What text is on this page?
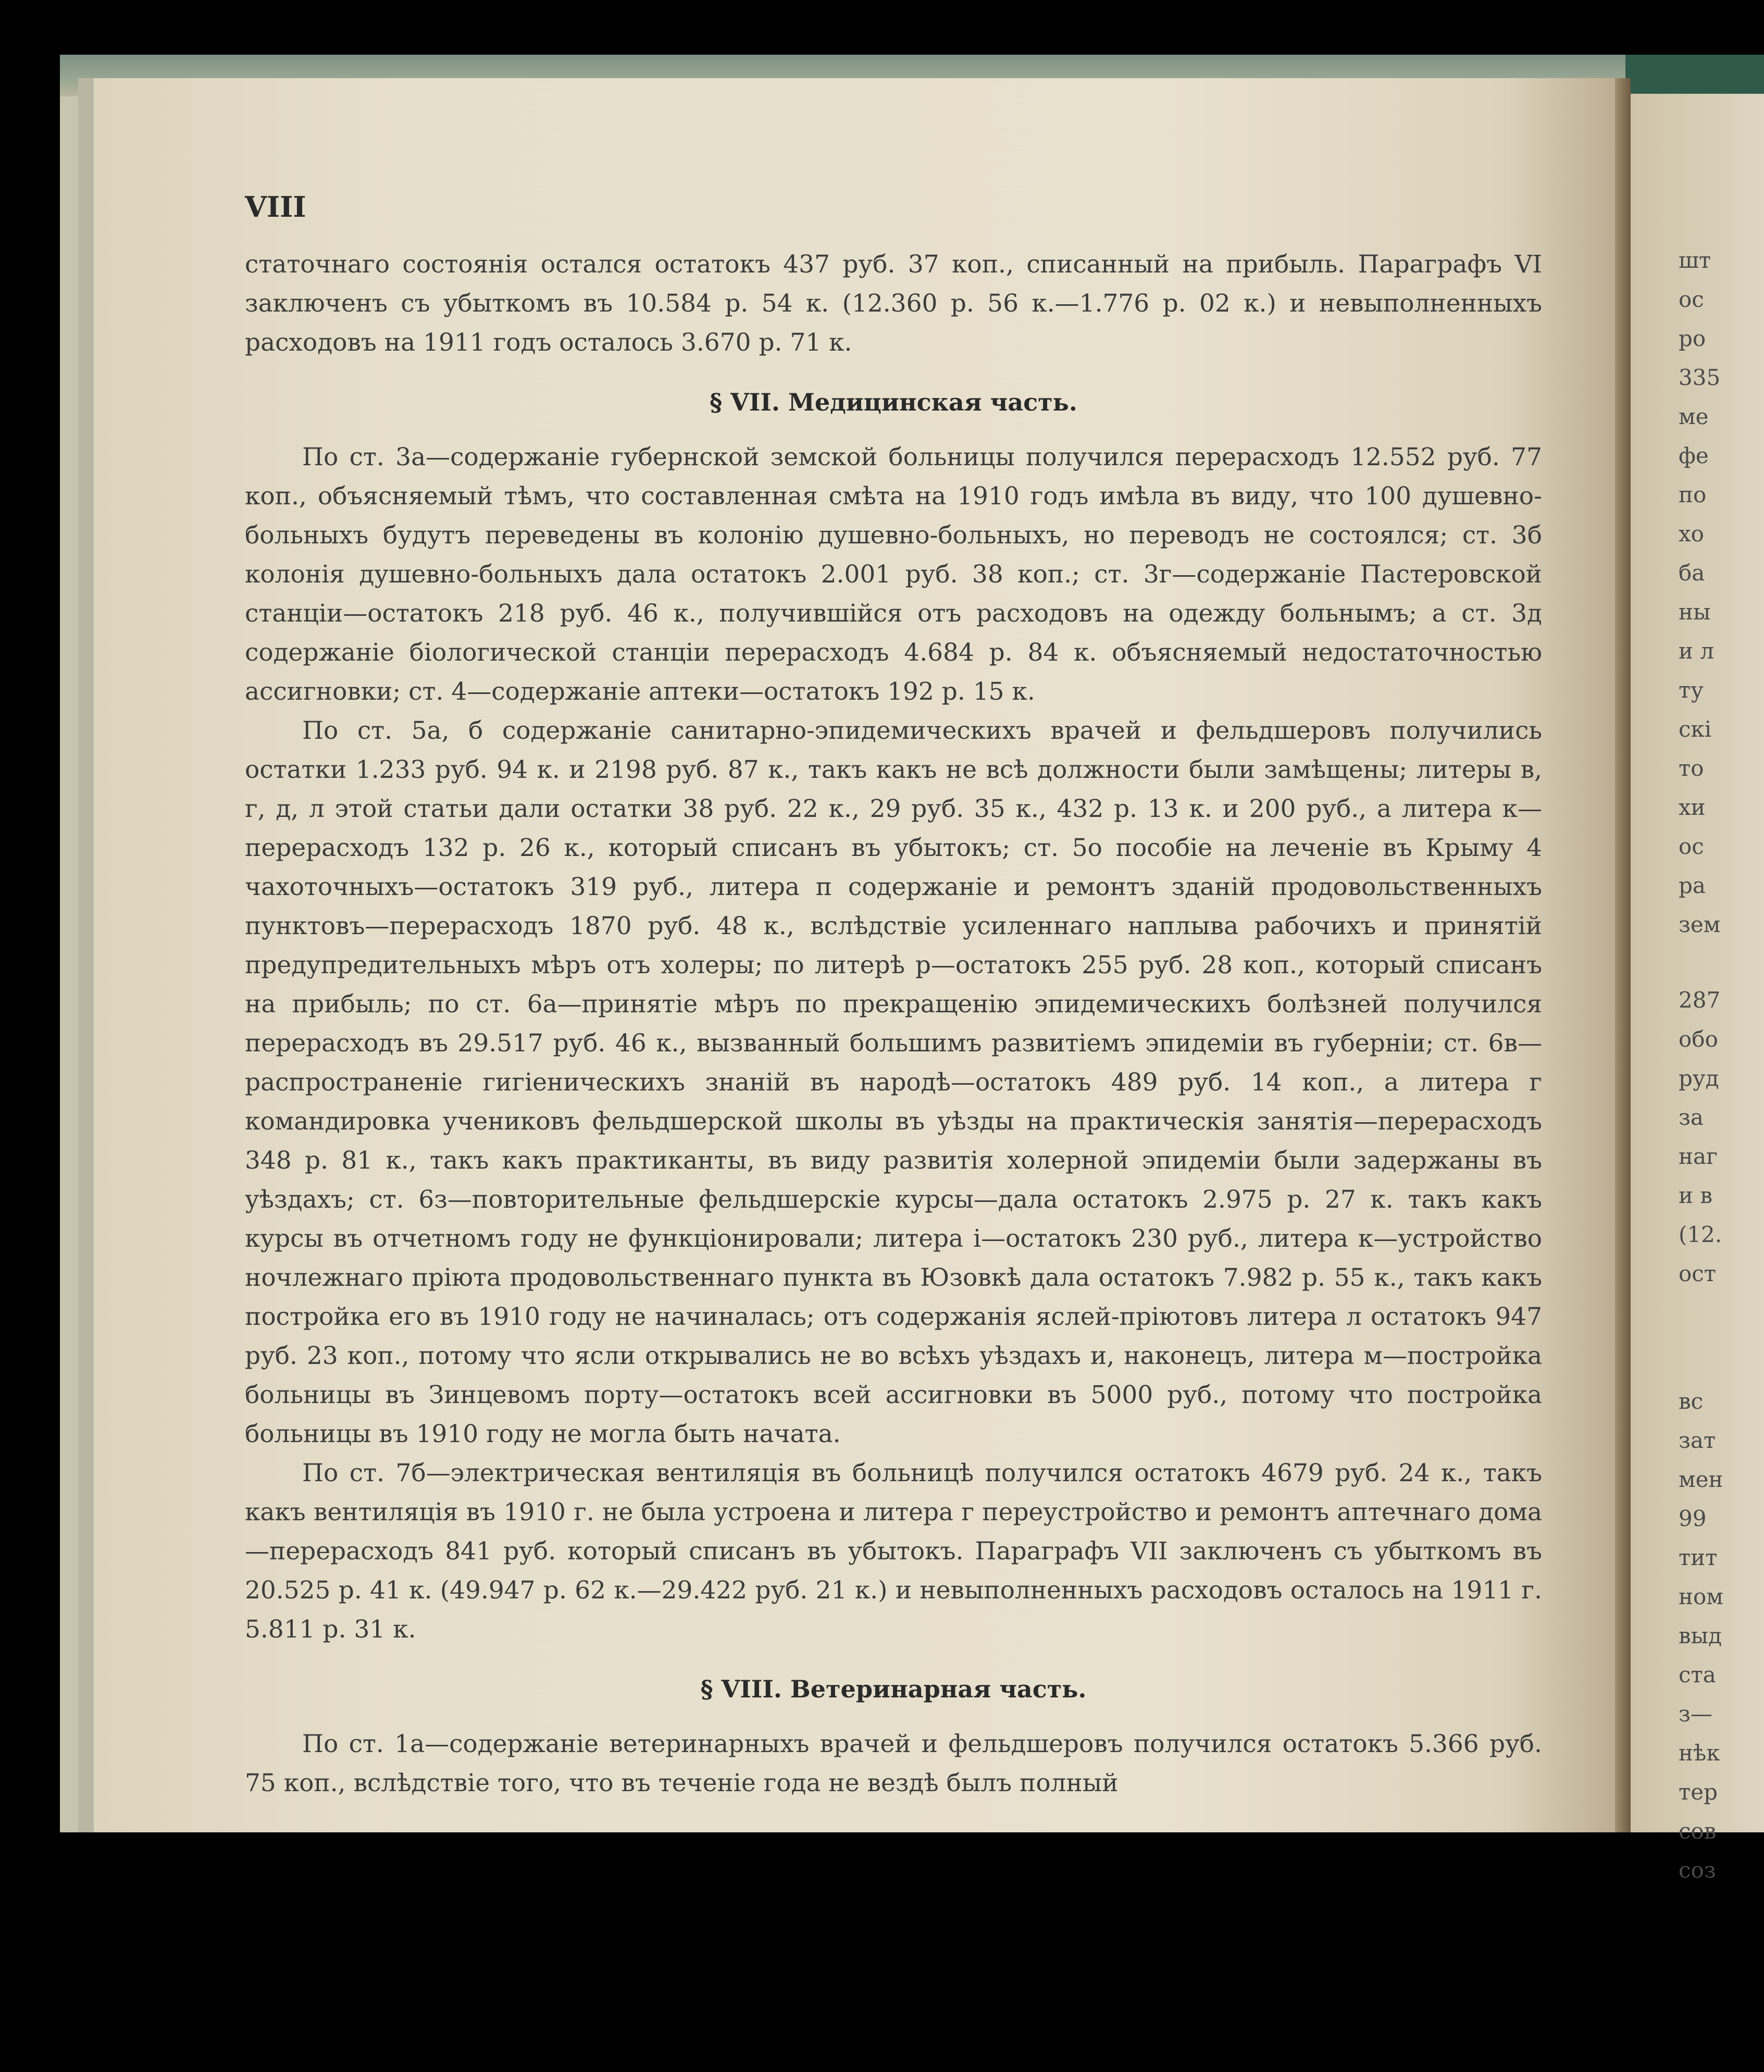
VIII

статочнаго состоянія остался остатокъ 437 руб. 37 коп., списанный на прибыль. Параграфъ VI заключенъ съ убыткомъ въ 10.584 р. 54 к. (12.360 р. 56 к.—1.776 р. 02 к.) и невыполненныхъ расходовъ на 1911 годъ осталось 3.670 р. 71 к.

§ VII. Медицинская часть.

По ст. 3а—содержаніе губернской земской больницы получился перерасходъ 12.552 руб. 77 коп., объясняемый тѣмъ, что составленная смѣта на 1910 годъ имѣла въ виду, что 100 душевно-больныхъ будутъ переведены въ колонію душевно-больныхъ, но переводъ не состоялся; ст. 3б колонія душевно-больныхъ дала остатокъ 2.001 руб. 38 коп.; ст. 3г—содержаніе Пастеровской станціи—остатокъ 218 руб. 46 к., получившійся отъ расходовъ на одежду больнымъ; а ст. 3д содержаніе біологической станціи перерасходъ 4.684 р. 84 к. объясняемый недостаточностью ассигновки; ст. 4—содержаніе аптеки—остатокъ 192 р. 15 к.

По ст. 5а, б содержаніе санитарно-эпидемическихъ врачей и фельдшеровъ получились остатки 1.233 руб. 94 к. и 2198 руб. 87 к., такъ какъ не всѣ должности были замѣщены; литеры в, г, д, л этой статьи дали остатки 38 руб. 22 к., 29 руб. 35 к., 432 р. 13 к. и 200 руб., а литера к—перерасходъ 132 р. 26 к., который списанъ въ убытокъ; ст. 5о пособіе на леченіе въ Крыму 4 чахоточныхъ—остатокъ 319 руб., литера п содержаніе и ремонтъ зданій продовольственныхъ пунктовъ—перерасходъ 1870 руб. 48 к., вслѣдствіе усиленнаго наплыва рабочихъ и принятій предупредительныхъ мѣръ отъ холеры; по литерѣ р—остатокъ 255 руб. 28 коп., который списанъ на прибыль; по ст. 6а—принятіе мѣръ по прекращенію эпидемическихъ болѣзней получился перерасходъ въ 29.517 руб. 46 к., вызванный большимъ развитіемъ эпидеміи въ губерніи; ст. 6в—распространеніе гигіеническихъ знаній въ народѣ—остатокъ 489 руб. 14 коп., а литера г командировка учениковъ фельдшерской школы въ уѣзды на практическія занятія—перерасходъ 348 р. 81 к., такъ какъ практиканты, въ виду развитія холерной эпидеміи были задержаны въ уѣздахъ; ст. 6з—повторительные фельдшерскіе курсы—дала остатокъ 2.975 р. 27 к. такъ какъ курсы въ отчетномъ году не функціонировали; литера і—остатокъ 230 руб., литера к—устройство ночлежнаго пріюта продовольственнаго пункта въ Юзовкѣ дала остатокъ 7.982 р. 55 к., такъ какъ постройка его въ 1910 году не начиналась; отъ содержанія яслей-пріютовъ литера л остатокъ 947 руб. 23 коп., потому что ясли открывались не во всѣхъ уѣздахъ и, наконецъ, литера м—постройка больницы въ Зинцевомъ порту—остатокъ всей ассигновки въ 5000 руб., потому что постройка больницы въ 1910 году не могла быть начата.

По ст. 7б—электрическая вентиляція въ больницѣ получился остатокъ 4679 руб. 24 к., такъ какъ вентиляція въ 1910 г. не была устроена и литера г переустройство и ремонтъ аптечнаго дома—перерасходъ 841 руб. который списанъ въ убытокъ. Параграфъ VII заключенъ съ убыткомъ въ 20.525 р. 41 к. (49.947 р. 62 к.—29.422 руб. 21 к.) и невыполненныхъ расходовъ осталось на 1911 г. 5.811 р. 31 к.

§ VIII. Ветеринарная часть.

По ст. 1а—содержаніе ветеринарныхъ врачей и фельдшеровъ получился остатокъ 5.366 руб. 75 коп., вслѣдствіе того, что въ теченіе года не вездѣ былъ полный

шт
ос
ро
335
ме
фе
по
хо
ба
ны
и л
ту
скі
то
хи
ос
ра
зем
287
обо
руд
за
наг
и в
(12.
ост
вс
зат
мен
99
тит
ном
выд
ста
з—
нѣк
тер
сов
соз
